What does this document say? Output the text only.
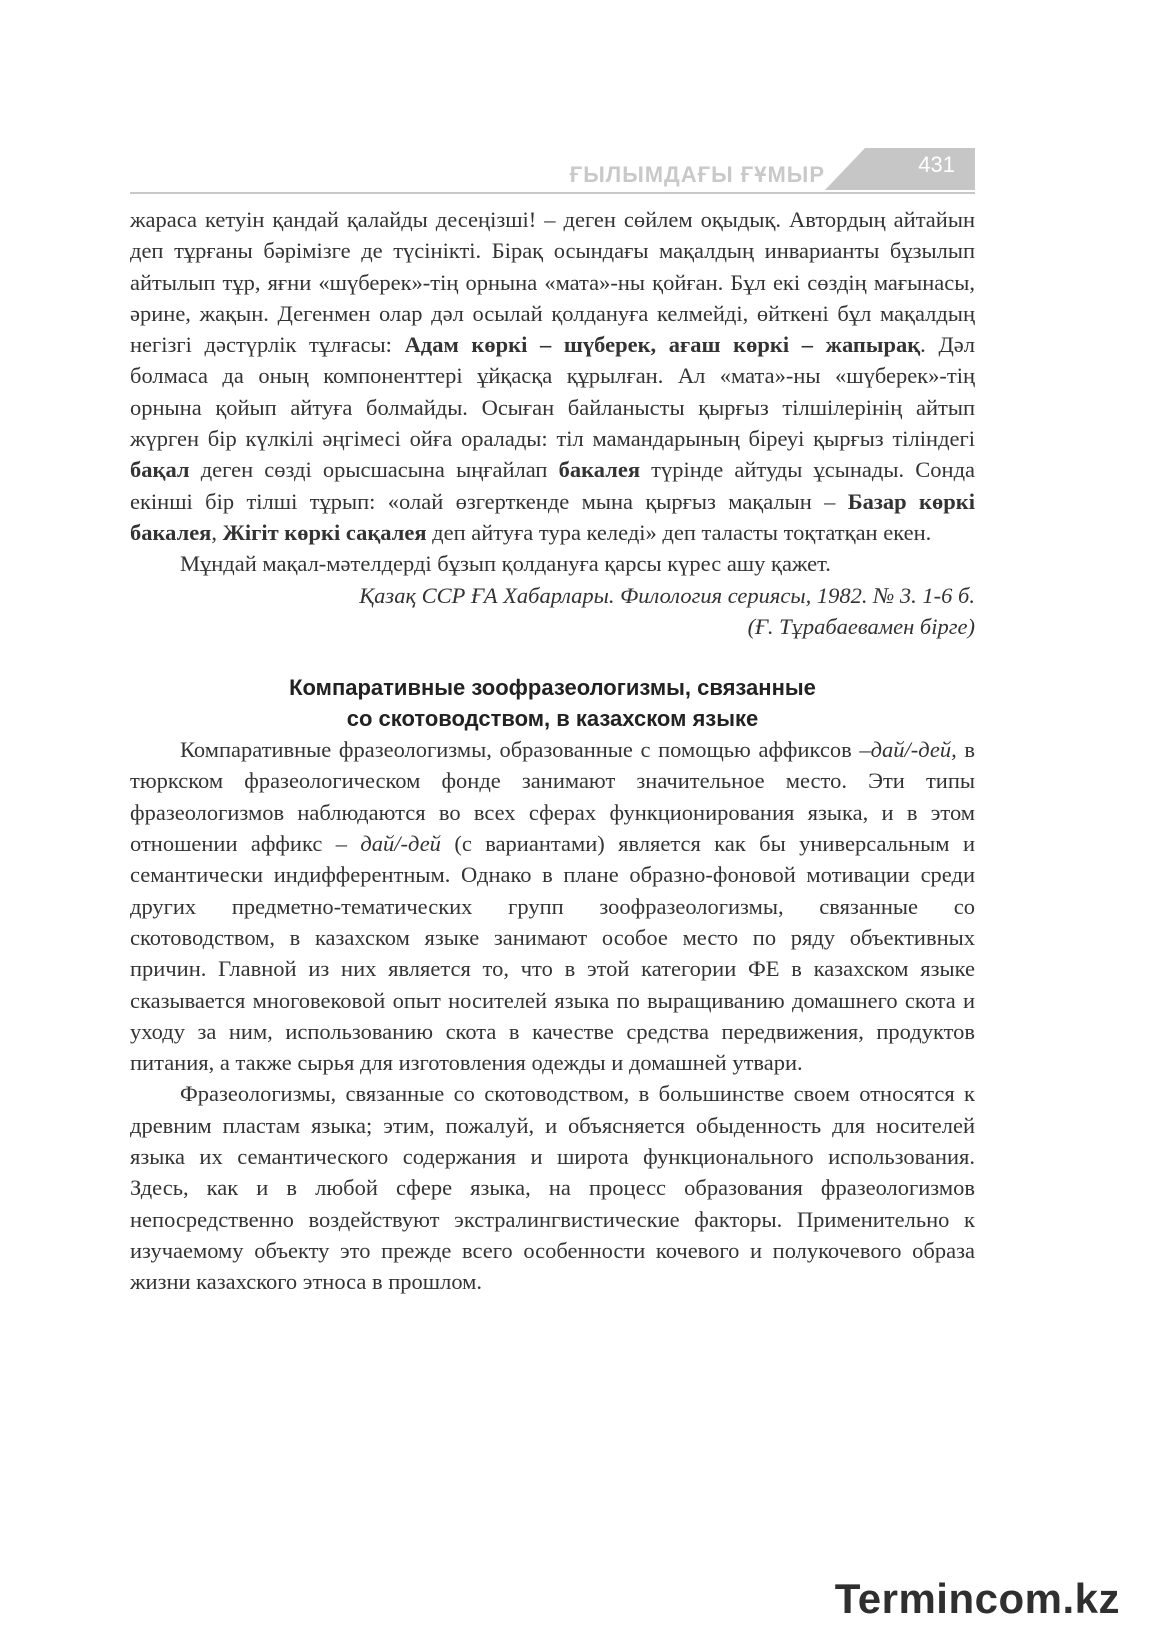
ҒЫЛЫМДАҒЫ ҒҰМЫР	431

жараса кетуін қандай қалайды десеңізші! – деген сөйлем оқыдық. Автордың айтайын деп тұрғаны бәрімізге де түсінікті. Бірақ осындағы мақалдың инварианты бұзылып айтылып тұр, яғни «шүберек»-тің орнына «мата»-ны қойған. Бұл екі сөздің мағынасы, әрине, жақын. Дегенмен олар дәл осылай қолдануға келмейді, өйткені бұл мақалдың негізгі дәстүрлік тұлғасы: Адам көркі – шүберек, ағаш көркі – жапырақ. Дәл болмаса да оның компоненттері ұйқасқа құрылған. Ал «мата»-ны «шүберек»-тің орнына қойып айтуға болмайды. Осыған байланысты қырғыз тілшілерінің айтып жүрген бір күлкілі әңгімесі ойға оралады: тіл мамандарының біреуі қырғыз тіліндегі бақал деген сөзді орысшасына ыңғайлап бакалея түрінде айтуды ұсынады. Сонда екінші бір тілші тұрып: «олай өзгерткенде мына қырғыз мақалын – Базар көркі бакалея, Жігіт көркі сақалея деп айтуға тура келеді» деп таласты тоқтатқан екен.

Мұндай мақал-мәтелдерді бұзып қолдануға қарсы күрес ашу қажет.

Қазақ ССР ҒА Хабарлары. Филология сериясы, 1982. № 3. 1-6 б.

(Ғ. Тұрабаевамен бірге)

Компаративные зоофразеологизмы, связанные
со скотоводством, в казахском языке

Компаративные фразеологизмы, образованные с помощью аффиксов –дай/-дей, в тюркском фразеологическом фонде занимают значительное место. Эти типы фразеологизмов наблюдаются во всех сферах функционирования языка, и в этом отношении аффикс – дай/-дей (с вариантами) является как бы универсальным и семантически индифферентным. Однако в плане образно-фоновой мотивации среди других предметно-тематических групп зоофразеологизмы, связанные со скотоводством, в казахском языке занимают особое место по ряду объективных причин. Главной из них является то, что в этой категории ФЕ в казахском языке сказывается многовековой опыт носителей языка по выращиванию домашнего скота и уходу за ним, использованию скота в качестве средства передвижения, продуктов питания, а также сырья для изготовления одежды и домашней утвари.

Фразеологизмы, связанные со скотоводством, в большинстве своем относятся к древним пластам языка; этим, пожалуй, и объясняется обыденность для носителей языка их семантического содержания и широта функционального использования. Здесь, как и в любой сфере языка, на процесс образования фразеологизмов непосредственно воздействуют экстралингвистические факторы. Применительно к изучаемому объекту это прежде всего особенности кочевого и полукочевого образа жизни казахского этноса в прошлом.

Termincom.kz
